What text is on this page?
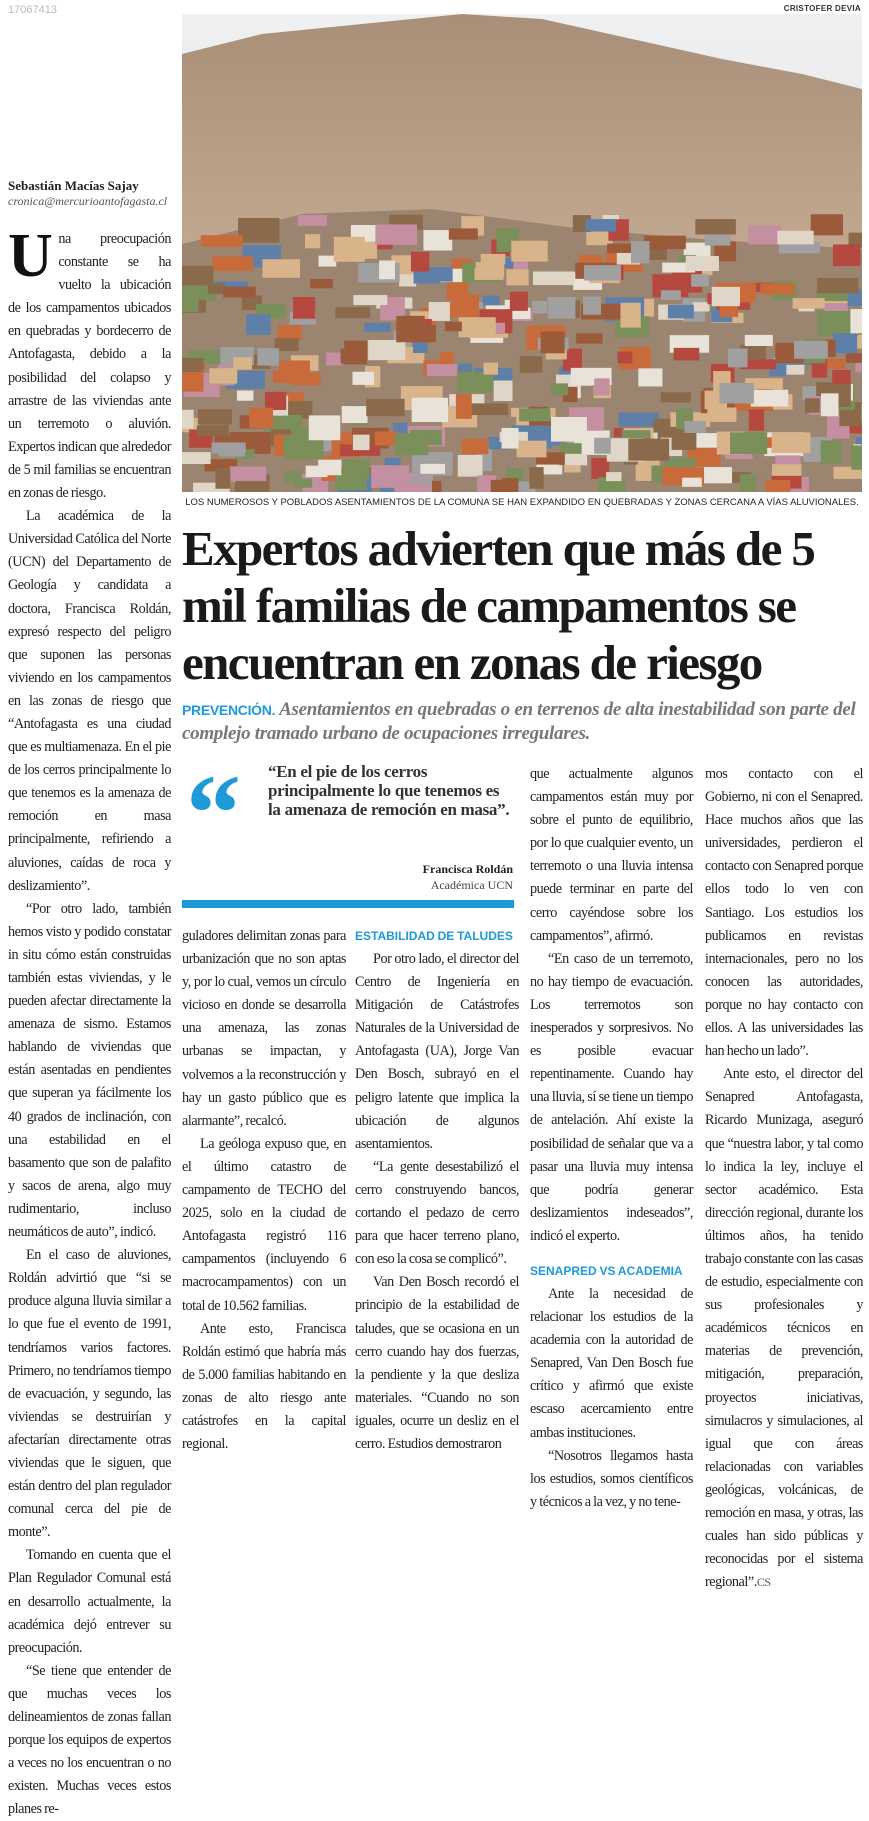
17067413	CRISTOFER DEVIA
LOS NUMEROSOS Y POBLADOS ASENTAMIENTOS DE LA COMUNA SE HAN EXPANDIDO EN QUEBRADAS Y ZONAS CERCANA A VÍAS ALUVIONALES.
Sebastián Macías Sajay
cronica@mercurioantofagasta.cl
Expertos advierten que más de 5 mil familias de campamentos se encuentran en zonas de riesgo
PREVENCIÓN. Asentamientos en quebradas o en terrenos de alta inestabilidad son parte del complejo tramado urbano de ocupaciones irregulares.
U na preocupación constante se ha vuelto la ubicación de los campamentos ubicados en quebradas y bordecerro de Antofagasta, debido a la posibilidad del colapso y arrastre de las viviendas ante un terremoto o aluvión. Expertos indican que alrededor de 5 mil familias se encuentran en zonas de riesgo.

La académica de la Universidad Católica del Norte (UCN) del Departamento de Geología y candidata a doctora, Francisca Roldán, expresó respecto del peligro que suponen las personas viviendo en los campamentos en las zonas de riesgo que “Antofagasta es una ciudad que es multiamenaza. En el pie de los cerros principalmente lo que tenemos es la amenaza de remoción en masa principalmente, refiriendo a aluviones, caídas de roca y deslizamiento”.

“Por otro lado, también hemos visto y podido constatar in situ cómo están construidas también estas viviendas, y le pueden afectar directamente la amenaza de sismo. Estamos hablando de viviendas que están asentadas en pendientes que superan ya fácilmente los 40 grados de inclinación, con una estabilidad en el basamento que son de palafito y sacos de arena, algo muy rudimentario, incluso neumáticos de auto”, indicó.

En el caso de aluviones, Roldán advirtió que “si se produce alguna lluvia similar a lo que fue el evento de 1991, tendríamos varios factores. Primero, no tendríamos tiempo de evacuación, y segundo, las viviendas se destruirían y afectarían directamente otras viviendas que le siguen, que están dentro del plan regulador comunal cerca del pie de monte”.

Tomando en cuenta que el Plan Regulador Comunal está en desarrollo actualmente, la académica dejó entrever su preocupación.

“Se tiene que entender de que muchas veces los delineamientos de zonas fallan porque los equipos de expertos a veces no los encuentran o no existen. Muchas veces estos planes re-

“ “En el pie de los cerros principalmente lo que tenemos es la amenaza de remoción en masa”.
Francisca Roldán
Académica UCN

guladores delimitan zonas para urbanización que no son aptas y, por lo cual, vemos un círculo vicioso en donde se desarrolla una amenaza, las zonas urbanas se impactan, y volvemos a la reconstrucción y hay un gasto público que es alarmante”, recalcó.

La geóloga expuso que, en el último catastro de campamento de TECHO del 2025, solo en la ciudad de Antofagasta registró 116 campamentos (incluyendo 6 macrocampamentos) con un total de 10.562 familias.

Ante esto, Francisca Roldán estimó que habría más de 5.000 familias habitando en zonas de alto riesgo ante catástrofes en la capital regional.

ESTABILIDAD DE TALUDES

Por otro lado, el director del Centro de Ingeniería en Mitigación de Catástrofes Naturales de la Universidad de Antofagasta (UA), Jorge Van Den Bosch, subrayó en el peligro latente que implica la ubicación de algunos asentamientos.

“La gente desestabilizó el cerro construyendo bancos, cortando el pedazo de cerro para que hacer terreno plano, con eso la cosa se complicó”.

Van Den Bosch recordó el principio de la estabilidad de taludes, que se ocasiona en un cerro cuando hay dos fuerzas, la pendiente y la que desliza materiales. “Cuando no son iguales, ocurre un desliz en el cerro. Estudios demostraron

que actualmente algunos campamentos están muy por sobre el punto de equilibrio, por lo que cualquier evento, un terremoto o una lluvia intensa puede terminar en parte del cerro cayéndose sobre los campamentos”, afirmó.

“En caso de un terremoto, no hay tiempo de evacuación. Los terremotos son inesperados y sorpresivos. No es posible evacuar repentinamente. Cuando hay una lluvia, sí se tiene un tiempo de antelación. Ahí existe la posibilidad de señalar que va a pasar una lluvia muy intensa que podría generar deslizamientos indeseados”, indicó el experto.

SENAPRED VS ACADEMIA

Ante la necesidad de relacionar los estudios de la academia con la autoridad de Senapred, Van Den Bosch fue crítico y afirmó que existe escaso acercamiento entre ambas instituciones.

“Nosotros llegamos hasta los estudios, somos científicos y técnicos a la vez, y no tene-

mos contacto con el Gobierno, ni con el Senapred. Hace muchos años que las universidades, perdieron el contacto con Senapred porque ellos todo lo ven con Santiago. Los estudios los publicamos en revistas internacionales, pero no los conocen las autoridades, porque no hay contacto con ellos. A las universidades las han hecho un lado”.

Ante esto, el director del Senapred Antofagasta, Ricardo Munizaga, aseguró que “nuestra labor, y tal como lo indica la ley, incluye el sector académico. Esta dirección regional, durante los últimos años, ha tenido trabajo constante con las casas de estudio, especialmente con sus profesionales y académicos técnicos en materias de prevención, mitigación, preparación, proyectos iniciativas, simulacros y simulaciones, al igual que con áreas relacionadas con variables geológicas, volcánicas, de remoción en masa, y otras, las cuales han sido públicas y reconocidas por el sistema regional”.CS
